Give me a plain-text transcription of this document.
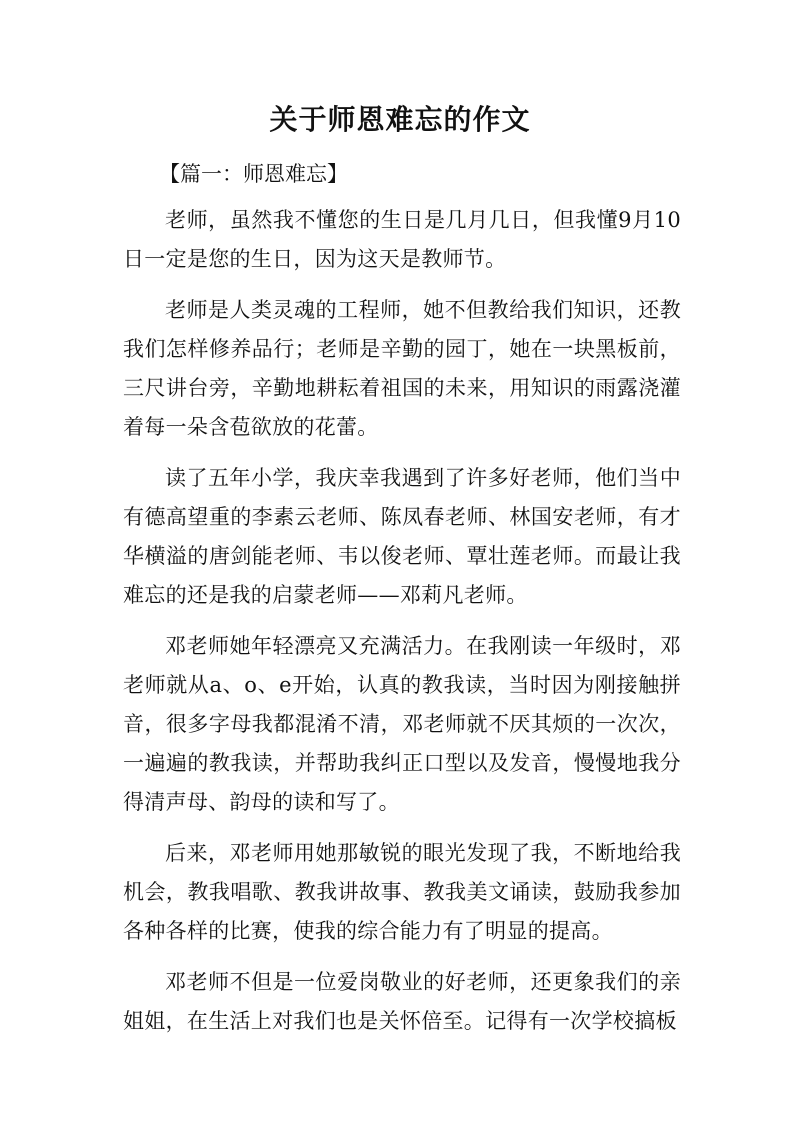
关于师恩难忘的作文

【篇一：师恩难忘】

老师，虽然我不懂您的生日是几月几日，但我懂9月10日一定是您的生日，因为这天是教师节。

老师是人类灵魂的工程师，她不但教给我们知识，还教我们怎样修养品行；老师是辛勤的园丁，她在一块黑板前，三尺讲台旁，辛勤地耕耘着祖国的未来，用知识的雨露浇灌着每一朵含苞欲放的花蕾。

读了五年小学，我庆幸我遇到了许多好老师，他们当中有德高望重的李素云老师、陈凤春老师、林国安老师，有才华横溢的唐剑能老师、韦以俊老师、覃壮莲老师。而最让我难忘的还是我的启蒙老师——邓莉凡老师。

邓老师她年轻漂亮又充满活力。在我刚读一年级时，邓老师就从a、o、e开始，认真的教我读，当时因为刚接触拼音，很多字母我都混淆不清，邓老师就不厌其烦的一次次，一遍遍的教我读，并帮助我纠正口型以及发音，慢慢地我分得清声母、韵母的读和写了。

后来，邓老师用她那敏锐的眼光发现了我，不断地给我机会，教我唱歌、教我讲故事、教我美文诵读，鼓励我参加各种各样的比赛，使我的综合能力有了明显的提高。

邓老师不但是一位爱岗敬业的好老师，还更象我们的亲姐姐，在生活上对我们也是关怀倍至。记得有一次学校搞板
